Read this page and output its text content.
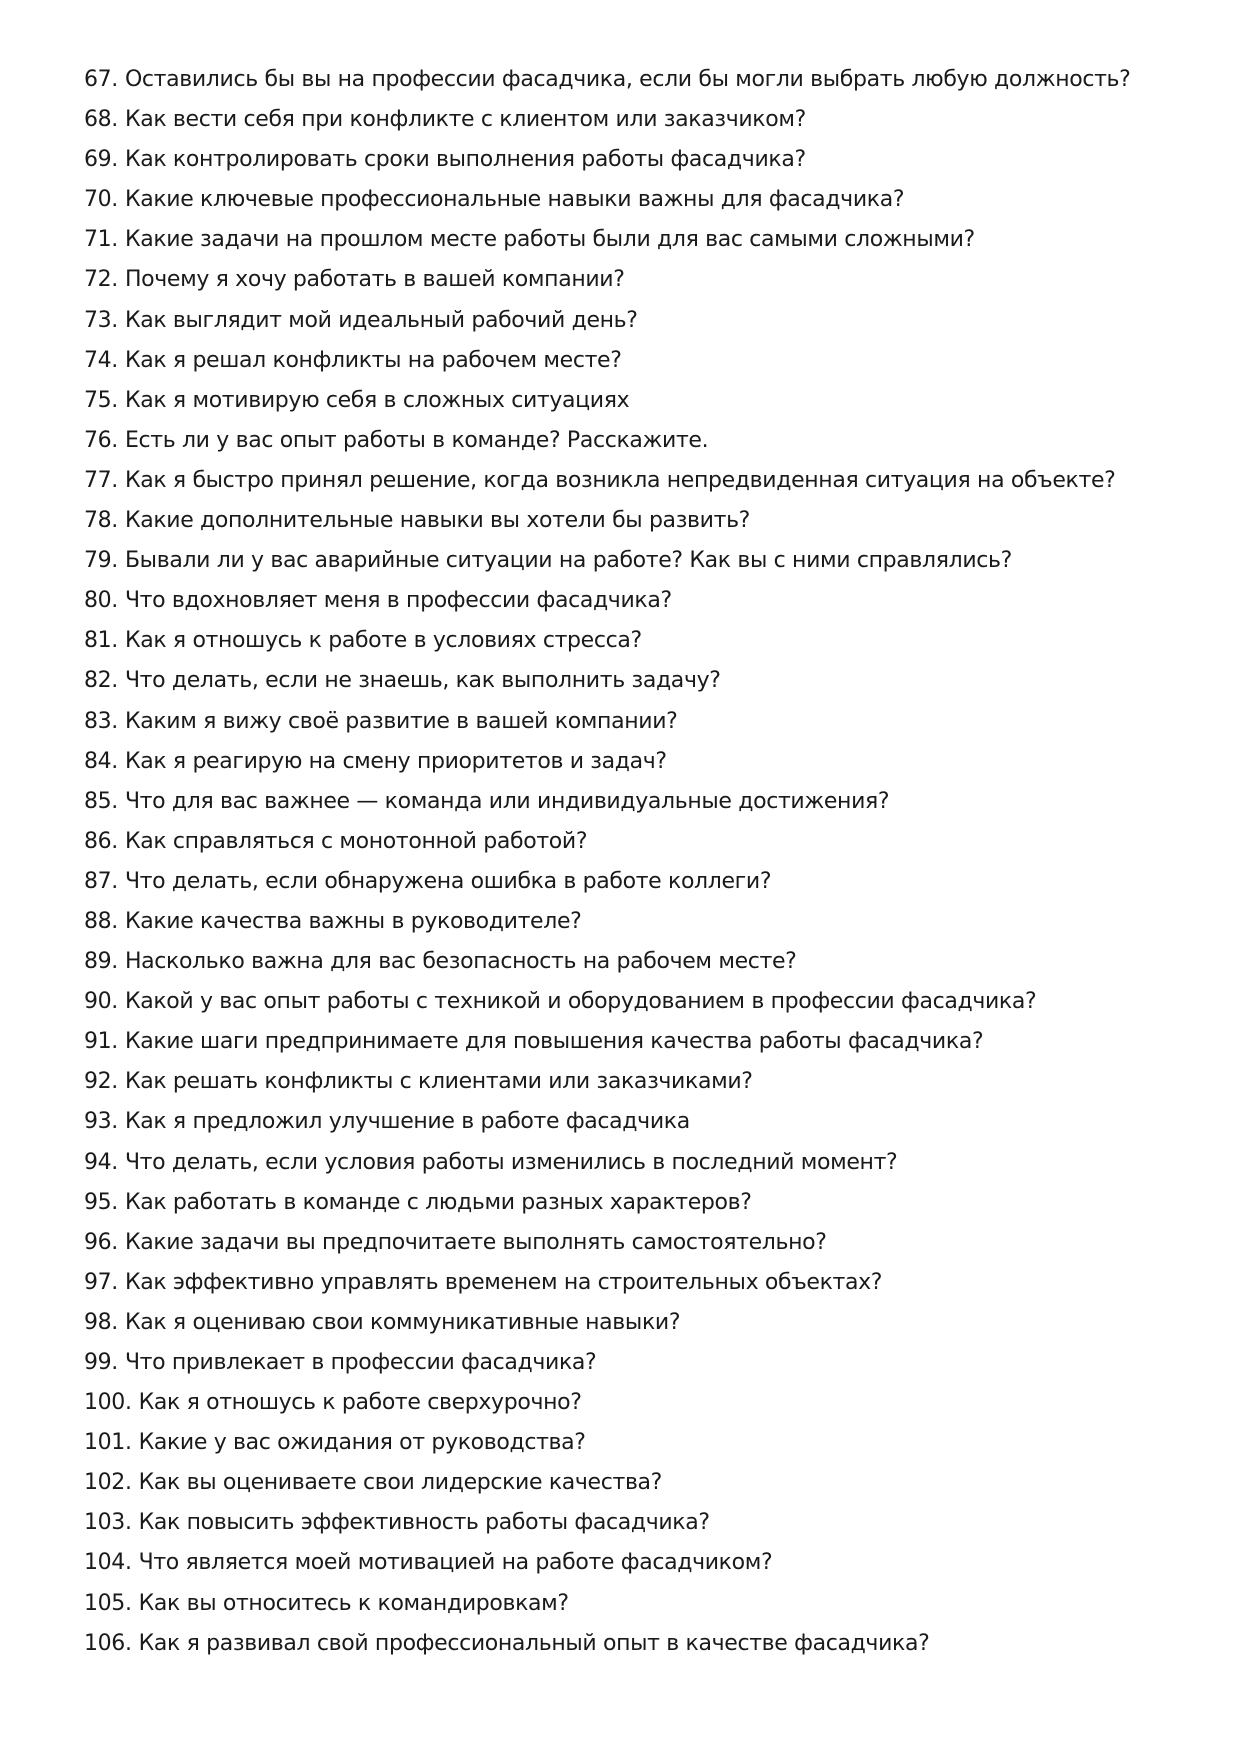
67. Оставились бы вы на профессии фасадчика, если бы могли выбрать любую должность?
68. Как вести себя при конфликте с клиентом или заказчиком?
69. Как контролировать сроки выполнения работы фасадчика?
70. Какие ключевые профессиональные навыки важны для фасадчика?
71. Какие задачи на прошлом месте работы были для вас самыми сложными?
72. Почему я хочу работать в вашей компании?
73. Как выглядит мой идеальный рабочий день?
74. Как я решал конфликты на рабочем месте?
75. Как я мотивирую себя в сложных ситуациях
76. Есть ли у вас опыт работы в команде? Расскажите.
77. Как я быстро принял решение, когда возникла непредвиденная ситуация на объекте?
78. Какие дополнительные навыки вы хотели бы развить?
79. Бывали ли у вас аварийные ситуации на работе? Как вы с ними справлялись?
80. Что вдохновляет меня в профессии фасадчика?
81. Как я отношусь к работе в условиях стресса?
82. Что делать, если не знаешь, как выполнить задачу?
83. Каким я вижу своё развитие в вашей компании?
84. Как я реагирую на смену приоритетов и задач?
85. Что для вас важнее — команда или индивидуальные достижения?
86. Как справляться с монотонной работой?
87. Что делать, если обнаружена ошибка в работе коллеги?
88. Какие качества важны в руководителе?
89. Насколько важна для вас безопасность на рабочем месте?
90. Какой у вас опыт работы с техникой и оборудованием в профессии фасадчика?
91. Какие шаги предпринимаете для повышения качества работы фасадчика?
92. Как решать конфликты с клиентами или заказчиками?
93. Как я предложил улучшение в работе фасадчика
94. Что делать, если условия работы изменились в последний момент?
95. Как работать в команде с людьми разных характеров?
96. Какие задачи вы предпочитаете выполнять самостоятельно?
97. Как эффективно управлять временем на строительных объектах?
98. Как я оцениваю свои коммуникативные навыки?
99. Что привлекает в профессии фасадчика?
100. Как я отношусь к работе сверхурочно?
101. Какие у вас ожидания от руководства?
102. Как вы оцениваете свои лидерские качества?
103. Как повысить эффективность работы фасадчика?
104. Что является моей мотивацией на работе фасадчиком?
105. Как вы относитесь к командировкам?
106. Как я развивал свой профессиональный опыт в качестве фасадчика?
